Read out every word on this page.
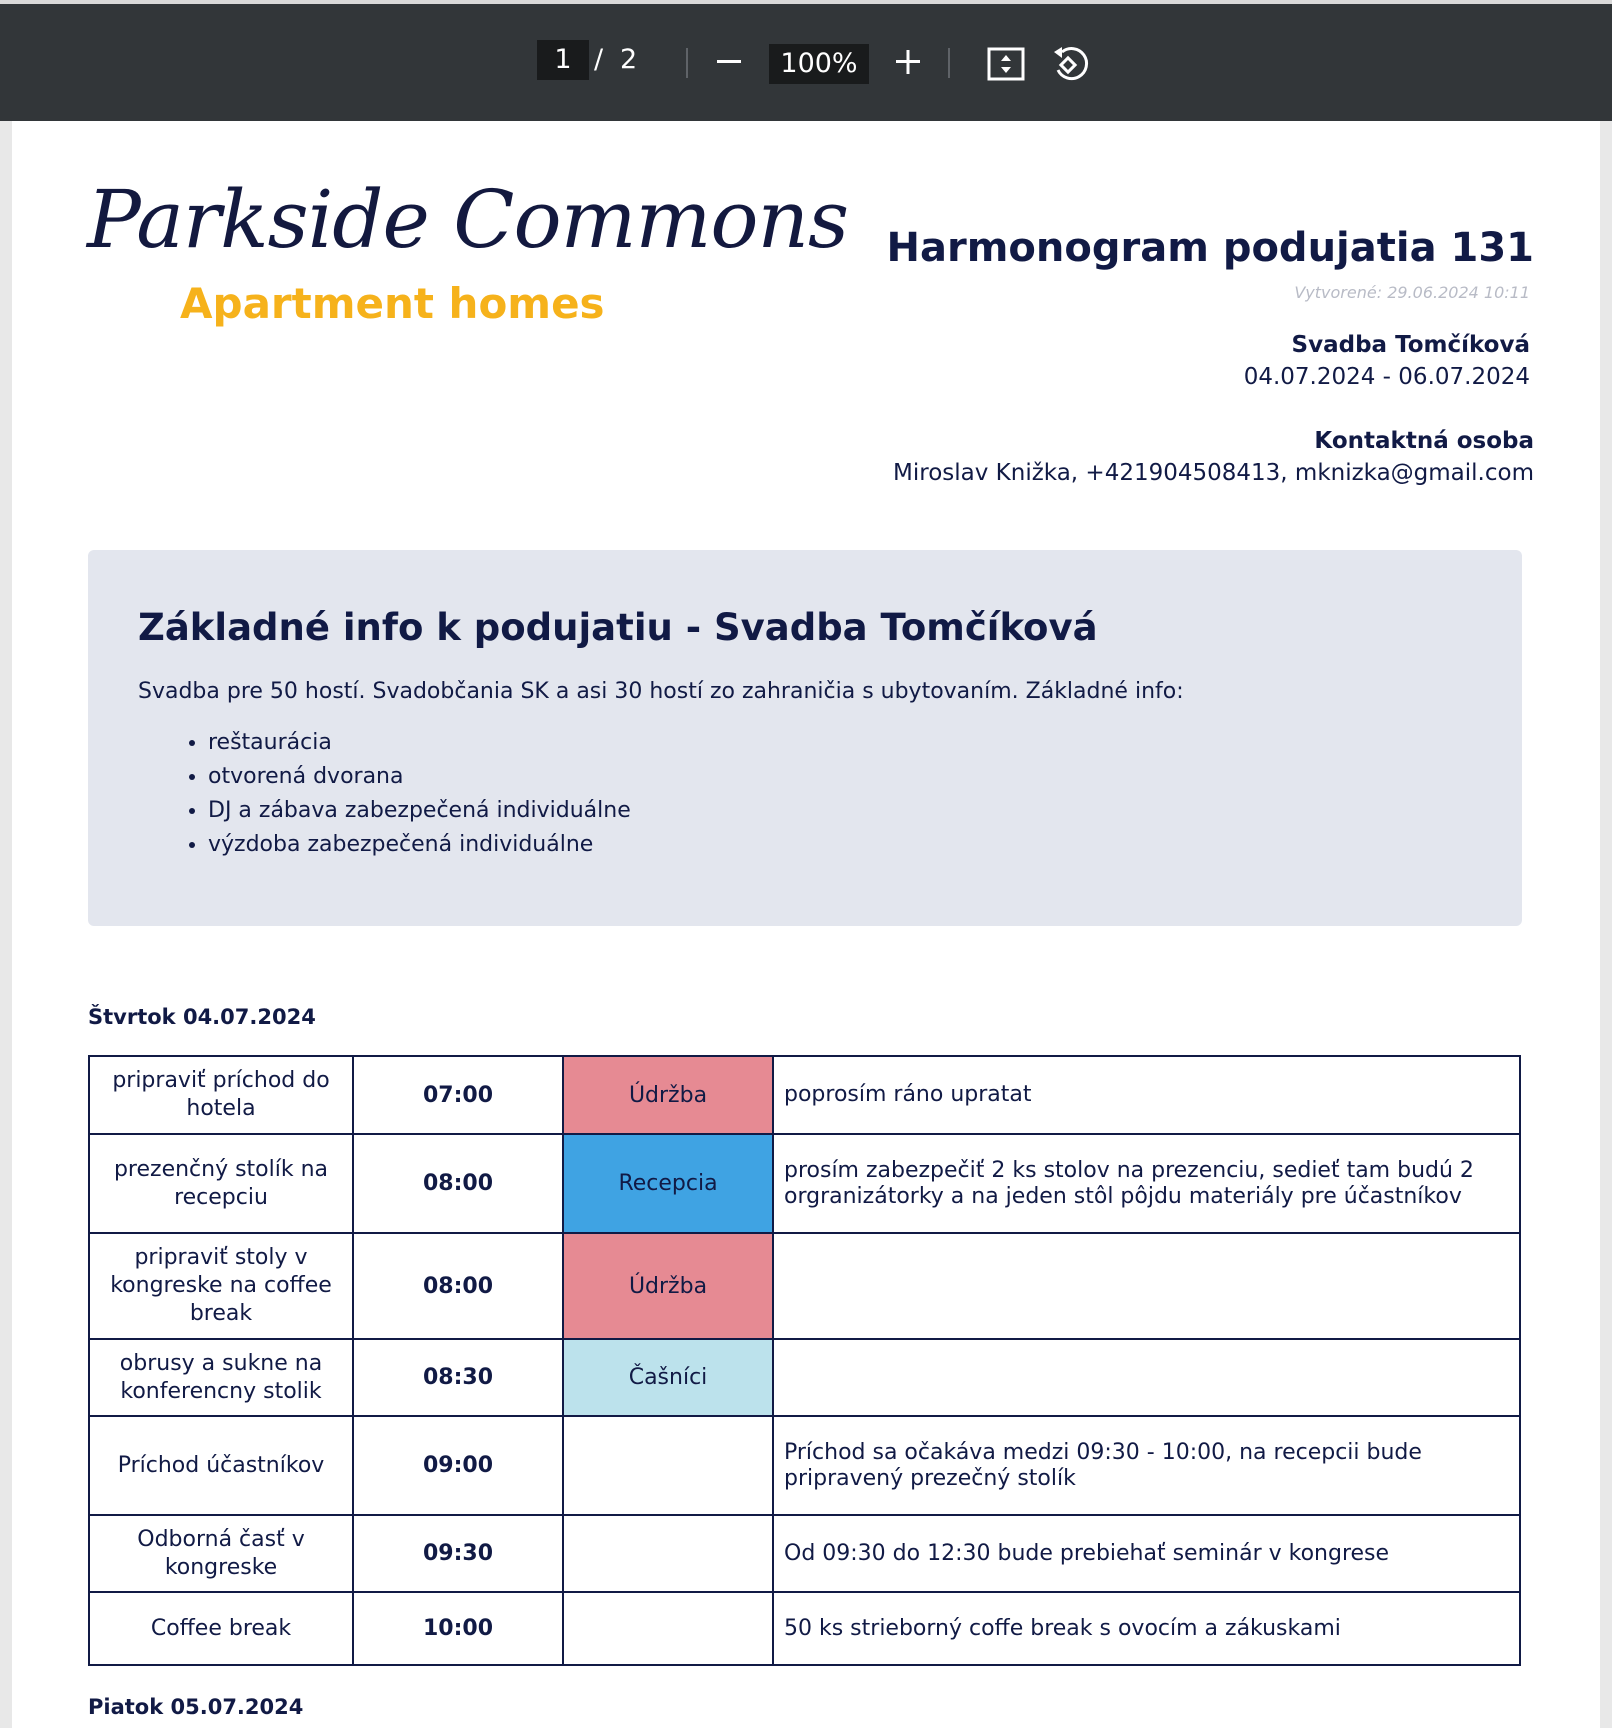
1 / 2	100%
Parkside Commons
Apartment homes
Harmonogram podujatia 131
Vytvorené: 29.06.2024 10:11
Svadba Tomčíková
04.07.2024 - 06.07.2024
Kontaktná osoba
Miroslav Knižka, +421904508413, mknizka@gmail.com
Základné info k podujatiu - Svadba Tomčíková
Svadba pre 50 hostí. Svadobčania SK a asi 30 hostí zo zahraničia s ubytovaním. Základné info:
• reštaurácia
• otvorená dvorana
• DJ a zábava zabezpečená individuálne
• výzdoba zabezpečená individuálne
Štvrtok 04.07.2024
pripraviť príchod do hotela	07:00	Údržba	poprosím ráno upratat
prezenčný stolík na recepciu	08:00	Recepcia	prosím zabezpečiť 2 ks stolov na prezenciu, sedieť tam budú 2 orgranizátorky a na jeden stôl pôjdu materiály pre účastníkov
pripraviť stoly v kongreske na coffee break	08:00	Údržba	
obrusy a sukne na konferencny stolik	08:30	Čašníci	
Príchod účastníkov	09:00		Príchod sa očakáva medzi 09:30 - 10:00, na recepcii bude pripravený prezečný stolík
Odborná časť v kongreske	09:30		Od 09:30 do 12:30 bude prebiehať seminár v kongrese
Coffee break	10:00		50 ks strieborný coffe break s ovocím a zákuskami
Piatok 05.07.2024
